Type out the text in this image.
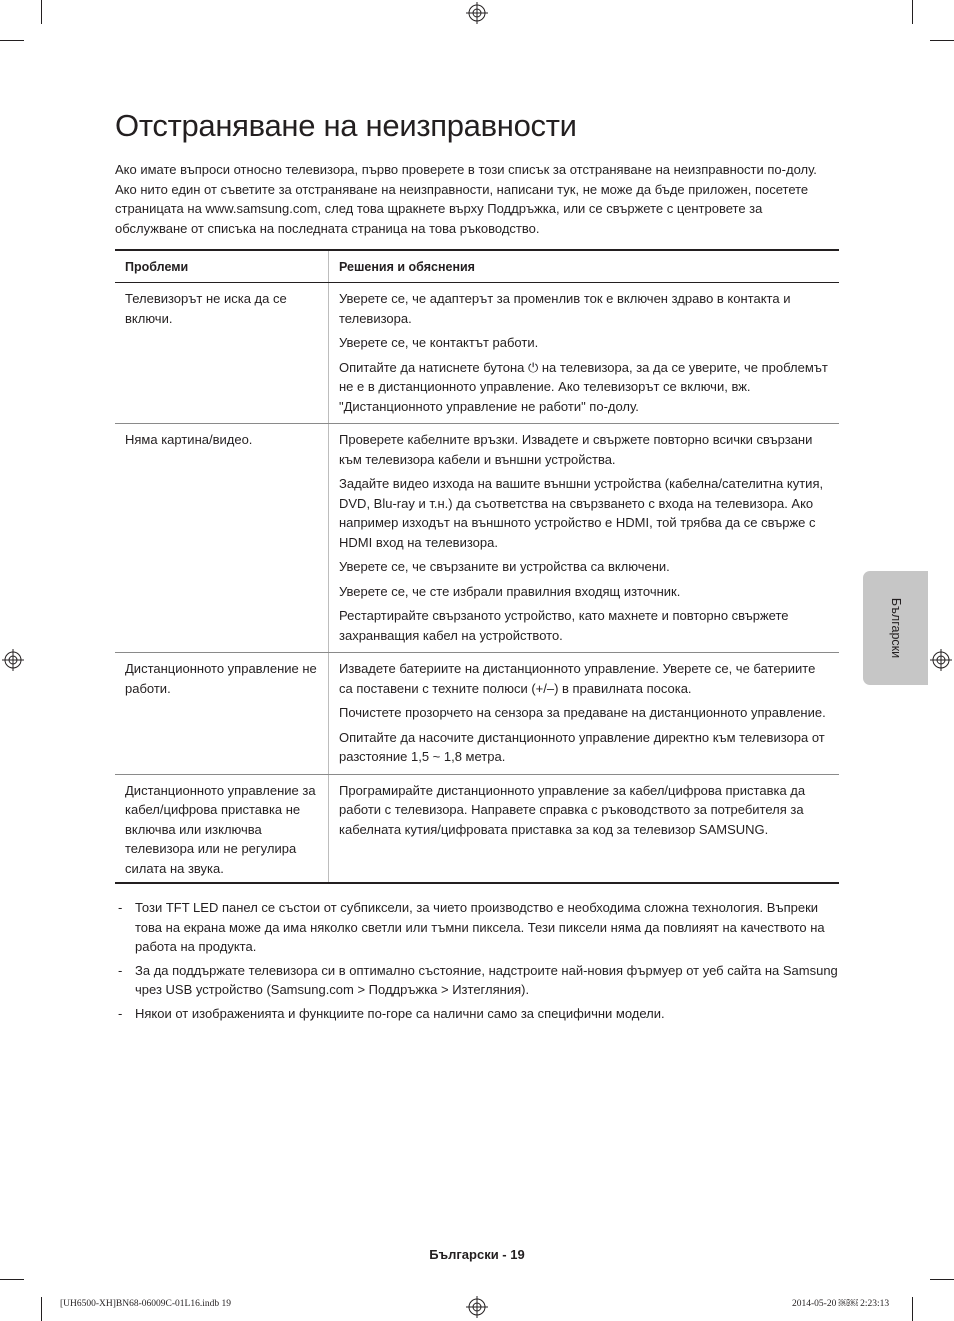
Отстраняване на неизправности

Ако имате въпроси относно телевизора, първо проверете в този списък за отстраняване на неизправности по-долу. Ако нито един от съветите за отстраняване на неизправности, написани тук, не може да бъде приложен, посетете страницата на www.samsung.com, след това щракнете върху Поддръжка, или се свържете с центровете за обслужване от списъка на последната страница на това ръководство.

Проблеми	Решения и обяснения
Телевизорът не иска да се включи.	Уверете се, че адаптерът за променлив ток е включен здраво в контакта и телевизора.

Уверете се, че контактът работи.

Опитайте да натиснете бутона ⏻ на телевизора, за да се уверите, че проблемът не е в дистанционното управление. Ако телевизорът се включи, вж. "Дистанционното управление не работи" по-долу.

Няма картина/видео.	Проверете кабелните връзки. Извадете и свържете повторно всички свързани към телевизора кабели и външни устройства.

Задайте видео изхода на вашите външни устройства (кабелна/сателитна кутия, DVD, Blu-ray и т.н.) да съответства на свързването с входа на телевизора. Ако например изходът на външното устройство е HDMI, той трябва да се свърже с HDMI вход на телевизора.

Уверете се, че свързаните ви устройства са включени.

Уверете се, че сте избрали правилния входящ източник.

Рестартирайте свързаното устройство, като махнете и повторно свържете захранващия кабел на устройството.

Дистанционното управление не работи.	Извадете батериите на дистанционното управление. Уверете се, че батериите са поставени с техните полюси (+/–) в правилната посока.

Почистете прозорчето на сензора за предаване на дистанционното управление.

Опитайте да насочите дистанционното управление директно към телевизора от разстояние 1,5 ~ 1,8 метра.

Дистанционното управление за кабел/цифрова приставка не включва или изключва телевизора или не регулира силата на звука.	Програмирайте дистанционното управление за кабел/цифрова приставка да работи с телевизора. Направете справка с ръководството за потребителя за кабелната кутия/цифровата приставка за код за телевизор SAMSUNG.

- Този TFT LED панел се състои от субпиксели, за чието производство е необходима сложна технология. Въпреки това на екрана може да има няколко светли или тъмни пиксела. Тези пиксели няма да повлияят на качеството на работа на продукта.
- За да поддържате телевизора си в оптимално състояние, надстроите най-новия фърмуер от уеб сайта на Samsung чрез USB устройство (Samsung.com > Поддръжка > Изтегляния).
- Някои от изображенията и функциите по-горе са налични само за специфични модели.
Български
Български - 19
[UH6500-XH]BN68-06009C-01L16.indb 19	2014-05-20 ￼￼ 2:23:13
